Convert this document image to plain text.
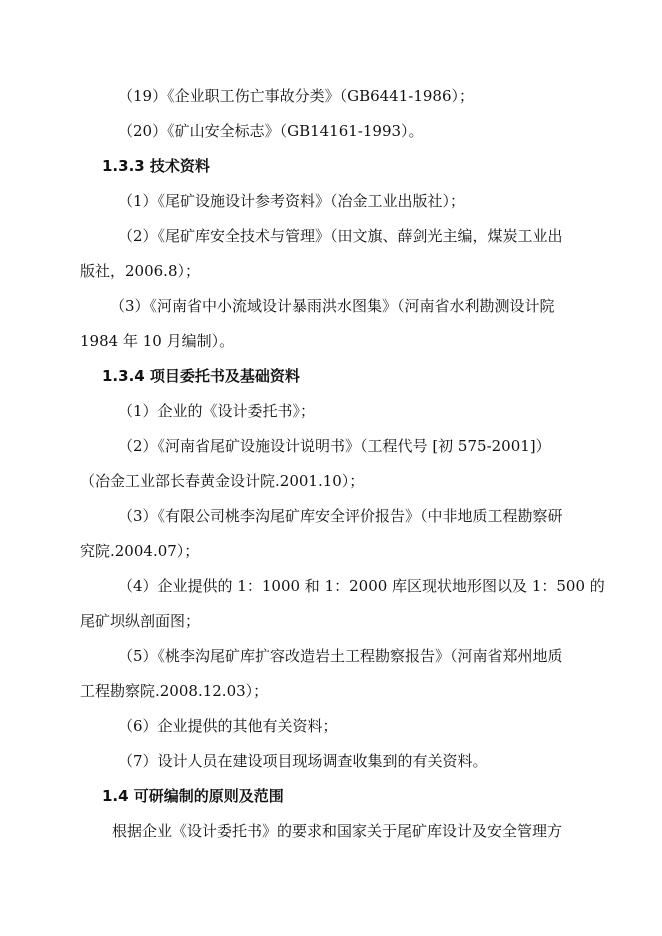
（19）《企业职工伤亡事故分类》（GB6441-1986）；
（20）《矿山安全标志》（GB14161-1993）。
1.3.3 技术资料
（1）《尾矿设施设计参考资料》（冶金工业出版社）；
（2）《尾矿库安全技术与管理》（田文旗、薛剑光主编，煤炭工业出
版社，2006.8）；
（3）《河南省中小流域设计暴雨洪水图集》（河南省水利勘测设计院
1984 年 10 月编制）。
1.3.4 项目委托书及基础资料
（1）企业的《设计委托书》；
（2）《河南省尾矿设施设计说明书》（工程代号 [初 575-2001]）
（冶金工业部长春黄金设计院.2001.10）；
（3）《有限公司桃李沟尾矿库安全评价报告》（中非地质工程勘察研
究院.2004.07）；
（4）企业提供的 1：1000 和 1：2000 库区现状地形图以及 1：500 的
尾矿坝纵剖面图；
（5）《桃李沟尾矿库扩容改造岩土工程勘察报告》（河南省郑州地质
工程勘察院.2008.12.03）；
（6）企业提供的其他有关资料；
（7）设计人员在建设项目现场调查收集到的有关资料。
1.4 可研编制的原则及范围
根据企业《设计委托书》的要求和国家关于尾矿库设计及安全管理方
